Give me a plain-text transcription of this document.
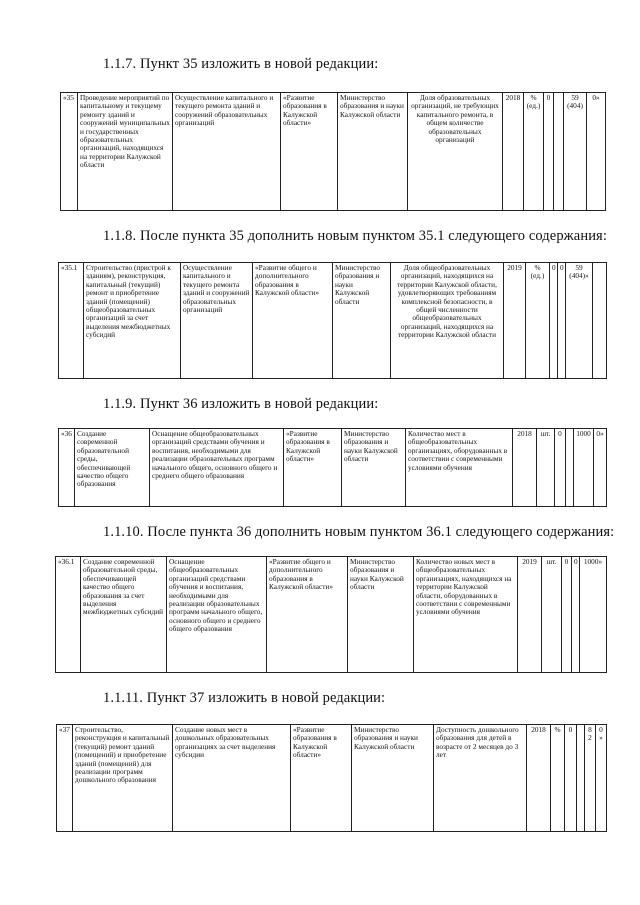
1.1.7. Пункт 35 изложить в новой редакции:
«35	Проведение мероприятий по капитальному и текущему ремонту зданий и сооружений муниципальных и государственных образовательных организаций, находящихся на территории Калужской области	Осуществление капитального и текущего ремонта зданий и сооружений образовательных организаций	«Развитие образования в Калужской области»	Министерство образования и науки Калужской области	Доля образовательных организаций, не требующих капитального ремонта, в общем количестве образовательных организаций	2018	% (ед.)	0		59 (404)	0»
1.1.8. После пункта 35 дополнить новым пунктом 35.1 следующего содержания:
«35.1	Строительство (пристрой к зданиям), реконструкция, капитальный (текущий) ремонт и приобретение зданий (помещений) общеобразовательных организаций за счет выделения межбюджетных субсидий	Осуществление капитального и текущего ремонта зданий и сооружений образовательных организаций	«Развитие общего и дополнительного образования в Калужской области»	Министерство образования и науки Калужской области	Доля общеобразовательных организаций, находящихся на территории Калужской области, удовлетворяющих требованиям комплексной безопасности, в общей численности общеобразовательных организаций, находящихся на территории Калужской области	2019	% (ед.)	0	0	59 (404)»	
1.1.9. Пункт 36 изложить в новой редакции:
«36	Создание современной образовательной среды, обеспечивающей качество общего образования	Оснащение общеобразовательных организаций средствами обучения и воспитания, необходимыми для реализации образовательных программ начального общего, основного общего и среднего общего образования	«Развитие образования в Калужской области»	Министерство образования и науки Калужской области	Количество мест в общеобразовательных организациях, оборудованных в соответствии с современными условиями обучения	2018	шт.	0		1000	0»
1.1.10. После пункта 36 дополнить новым пунктом 36.1 следующего содержания:
«36.1	Создание современной образовательной среды, обеспечивающей качество общего образования за счет выделения межбюджетных субсидий	Оснащение общеобразовательных организаций средствами обучения и воспитания, необходимыми для реализации образовательных программ начального общего, основного общего и среднего общего образования	«Развитие общего и дополнительного образования в Калужской области»	Министерство образования и науки Калужской области	Количество новых мест в общеобразовательных организациях, находящихся на территории Калужской области, оборудованных в соответствии с современными условиями обучения	2019	шт.	0	0	1000»	
1.1.11. Пункт 37 изложить в новой редакции:
«37	Строительство, реконструкция и капитальный (текущий) ремонт зданий (помещений) и приобретение зданий (помещений) для реализации программ дошкольного образования	Создание новых мест в дошкольных образовательных организациях за счет выделения субсидии	«Развитие образования в Калужской области»	Министерство образования и науки Калужской области	Доступность дошкольного образования для детей в возрасте от 2 месяцев до 3 лет	2018	%	0		82	0»
